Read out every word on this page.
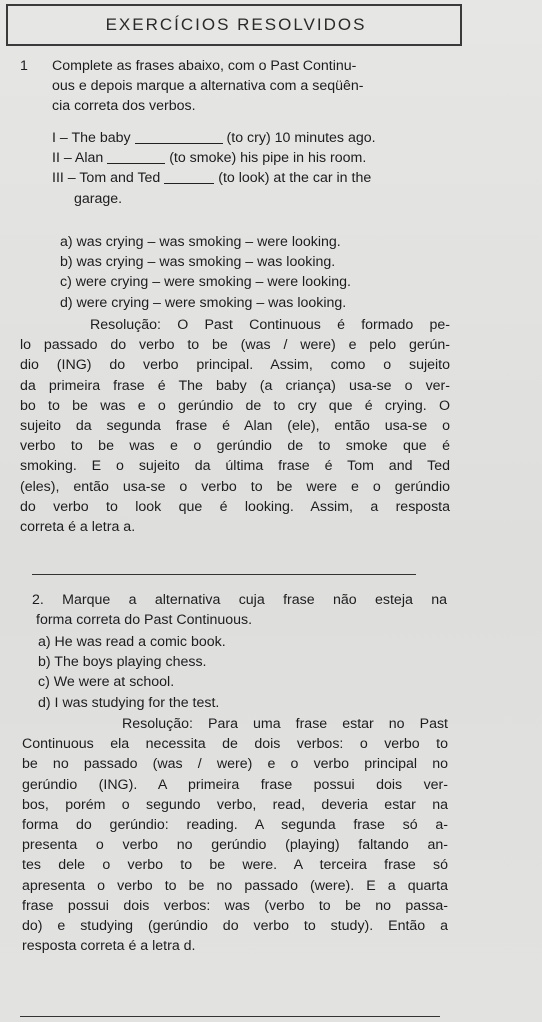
EXERCÍCIOS RESOLVIDOS
1 Complete as frases abaixo, com o Past Continu-
ous e depois marque a alternativa com a seqüên-
cia correta dos verbos.
I – The baby	(to cry) 10 minutes ago.
II – Alan	(to smoke) his pipe in his room.
III – Tom and Ted	(to look) at the car in the
garage.
a) was crying – was smoking – were looking.
b) was crying – was smoking – was looking.
c) were crying – were smoking – were looking.
d) were crying – were smoking – was looking.
Resolução: O Past Continuous é formado pe-
lo passado do verbo to be (was / were) e pelo gerún-
dio (ING) do verbo principal. Assim, como o sujeito
da primeira frase é The baby (a criança) usa-se o ver-
bo to be was e o gerúndio de to cry que é crying. O
sujeito da segunda frase é Alan (ele), então usa-se o
verbo to be was e o gerúndio de to smoke que é
smoking. E o sujeito da última frase é Tom and Ted
(eles), então usa-se o verbo to be were e o gerúndio
do verbo to look que é looking. Assim, a resposta
correta é a letra a.
2. Marque a alternativa cuja frase não esteja na
forma correta do Past Continuous.
a) He was read a comic book.
b) The boys playing chess.
c) We were at school.
d) I was studying for the test.
Resolução: Para uma frase estar no Past
Continuous ela necessita de dois verbos: o verbo to
be no passado (was / were) e o verbo principal no
gerúndio (ING). A primeira frase possui dois ver-
bos, porém o segundo verbo, read, deveria estar na
forma do gerúndio: reading. A segunda frase só a-
presenta o verbo no gerúndio (playing) faltando an-
tes dele o verbo to be were. A terceira frase só
apresenta o verbo to be no passado (were). E a quarta
frase possui dois verbos: was (verbo to be no passa-
do) e studying (gerúndio do verbo to study). Então a
resposta correta é a letra d.
